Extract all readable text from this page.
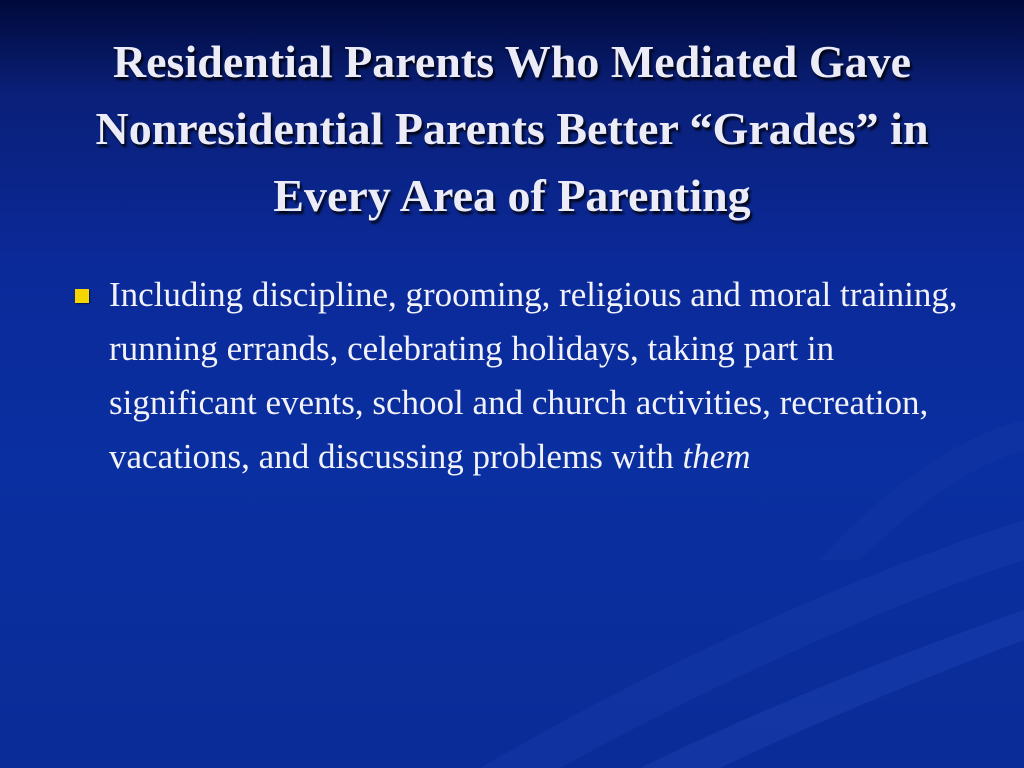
Residential Parents Who Mediated Gave Nonresidential Parents Better “Grades” in Every Area of Parenting
Including discipline, grooming, religious and moral training, running errands, celebrating holidays, taking part in significant events, school and church activities, recreation, vacations, and discussing problems with them
